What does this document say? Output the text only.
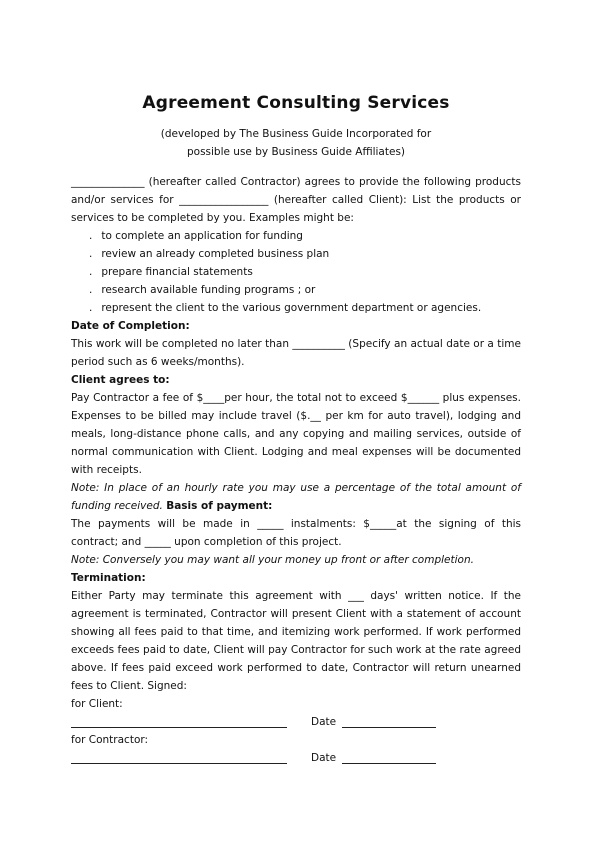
Agreement Consulting Services
(developed by The Business Guide Incorporated for
possible use by Business Guide Affiliates)

______________ (hereafter called Contractor) agrees to provide the following products and/or services for _________________ (hereafter called Client): List the products or services to be completed by you. Examples might be:

. to complete an application for funding
. review an already completed business plan
. prepare financial statements
. research available funding programs ; or
. represent the client to the various government department or agencies.

Date of Completion:

This work will be completed no later than __________ (Specify an actual date or a time period such as 6 weeks/months).

Client agrees to:

Pay Contractor a fee of $____per hour, the total not to exceed $______ plus expenses. Expenses to be billed may include travel ($.__ per km for auto travel), lodging and meals, long-distance phone calls, and any copying and mailing services, outside of normal communication with Client. Lodging and meal expenses will be documented with receipts.

Note: In place of an hourly rate you may use a percentage of the total amount of funding received. Basis of payment:

The payments will be made in _____ instalments: $_____at the signing of this contract; and _____ upon completion of this project.

Note: Conversely you may want all your money up front or after completion.

Termination:

Either Party may terminate this agreement with ___ days' written notice. If the agreement is terminated, Contractor will present Client with a statement of account showing all fees paid to that time, and itemizing work performed. If work performed exceeds fees paid to date, Client will pay Contractor for such work at the rate agreed above. If fees paid exceed work performed to date, Contractor will return unearned fees to Client. Signed:

for Client:

Date

for Contractor:

Date
